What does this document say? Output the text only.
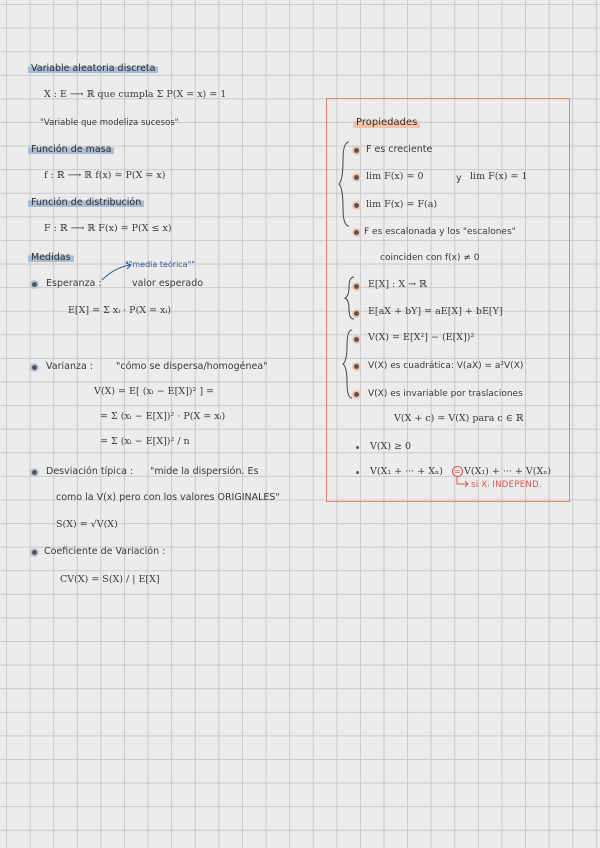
Variable aleatoria discreta
X : Ε ⟶ ℝ que cumpla Σ P(X = x) = 1
"Variable que modeliza sucesos"
Función de masa
f : ℝ ⟶ ℝ f(x) = P(X = x)
Función de distribución
F : ℝ ⟶ ℝ F(x) = P(X ≤ x)
Medidas
Esperanza :	valor esperado
""media teórica""
E[X] = Σ xᵢ · P(X = xᵢ)
Varianza : "cómo se dispersa/homogénea"
V(X) = E[ (xᵢ − E[X])² ] =
= Σ (xᵢ − E[X])² · P(X = xᵢ)
= Σ (xᵢ − E[X])² / n
Desviación típica : "mide la dispersión. Es
como la V(x) pero con los valores ORIGINALES"
S(X) = √V(X)
Coeficiente de Variación :
CV(X) = S(X) / | E[X]
Propiedades
F es creciente
lim F(x) = 0	y lim F(x) = 1
lim F(x) = F(a)
F es escalonada y los "escalones"
coinciden con f(x) ≠ 0
E[X] : X → ℝ
E[aX + bY] = aE[X] + bE[Y]
V(X) = E[X²] − (E[X])²
V(X) es cuadrática: V(aX) = a²V(X)
V(X) es invariable por traslaciones
V(X + c) = V(X) para c ∈ ℝ
V(X) ≥ 0
V(X₁ + ··· + Xₙ) = V(X₁) + ··· + V(Xₙ)
si Xᵢ INDEPEND.
